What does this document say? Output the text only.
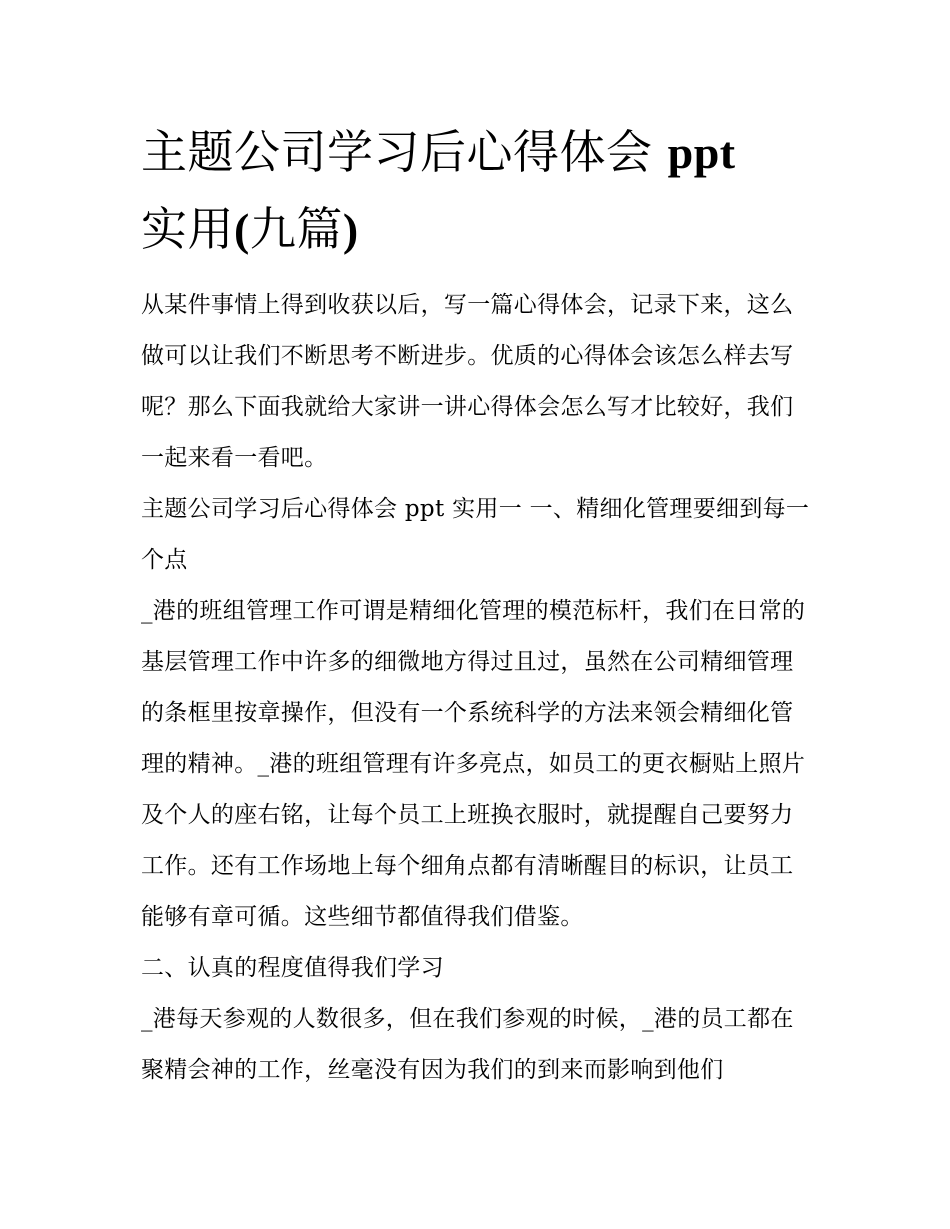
主题公司学习后心得体会 ppt
实用(九篇)

从某件事情上得到收获以后，写一篇心得体会，记录下来，这么做可以让我们不断思考不断进步。优质的心得体会该怎么样去写呢？那么下面我就给大家讲一讲心得体会怎么写才比较好，我们一起来看一看吧。

主题公司学习后心得体会 ppt 实用一 一、精细化管理要细到每一个点

_港的班组管理工作可谓是精细化管理的模范标杆，我们在日常的基层管理工作中许多的细微地方得过且过，虽然在公司精细管理的条框里按章操作，但没有一个系统科学的方法来领会精细化管理的精神。_港的班组管理有许多亮点，如员工的更衣橱贴上照片及个人的座右铭，让每个员工上班换衣服时，就提醒自己要努力工作。还有工作场地上每个细角点都有清晰醒目的标识，让员工能够有章可循。这些细节都值得我们借鉴。

二、认真的程度值得我们学习

_港每天参观的人数很多，但在我们参观的时候，_港的员工都在聚精会神的工作，丝毫没有因为我们的到来而影响到他们
